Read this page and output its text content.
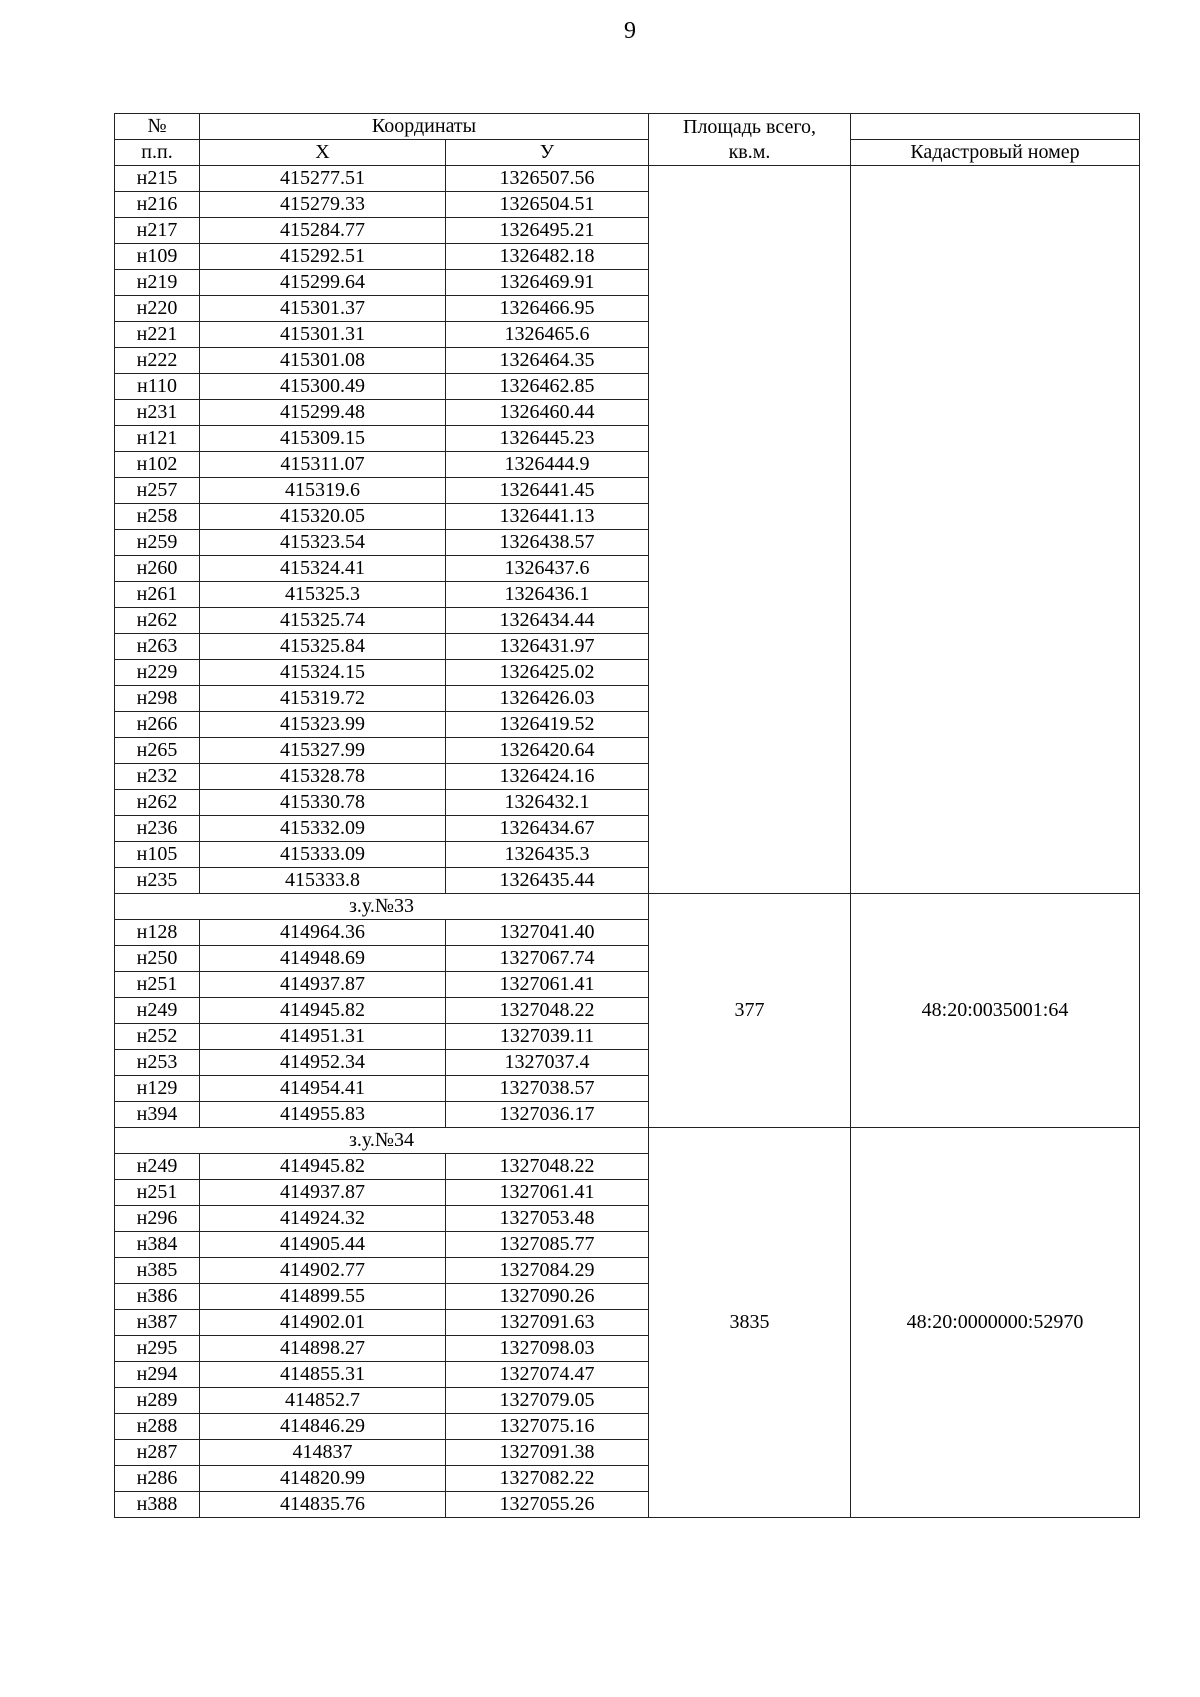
9
№	Координаты		Площадь всего,
кв.м.	

п.п.	Х	У		Кадастровый номер
н215	415277.51	1326507.56		
н216	415279.33	1326504.51		
н217	415284.77	1326495.21		
н109	415292.51	1326482.18		
н219	415299.64	1326469.91		
н220	415301.37	1326466.95		
н221	415301.31	1326465.6		
н222	415301.08	1326464.35		
н110	415300.49	1326462.85		
н231	415299.48	1326460.44		
н121	415309.15	1326445.23		
н102	415311.07	1326444.9		
н257	415319.6	1326441.45		
н258	415320.05	1326441.13		
н259	415323.54	1326438.57		
н260	415324.41	1326437.6		
н261	415325.3	1326436.1		
н262	415325.74	1326434.44		
н263	415325.84	1326431.97		
н229	415324.15	1326425.02		
н298	415319.72	1326426.03		
н266	415323.99	1326419.52		
н265	415327.99	1326420.64		
н232	415328.78	1326424.16		
н262	415330.78	1326432.1		
н236	415332.09	1326434.67		
н105	415333.09	1326435.3		
н235	415333.8	1326435.44		
з.у.№33			377	48:20:0035001:64
н128	414964.36	1327041.40		
н250	414948.69	1327067.74		
н251	414937.87	1327061.41		
н249	414945.82	1327048.22		
н252	414951.31	1327039.11		
н253	414952.34	1327037.4		
н129	414954.41	1327038.57		
н394	414955.83	1327036.17		
з.у.№34			3835	48:20:0000000:52970
н249	414945.82	1327048.22		
н251	414937.87	1327061.41		
н296	414924.32	1327053.48		
н384	414905.44	1327085.77		
н385	414902.77	1327084.29		
н386	414899.55	1327090.26		
н387	414902.01	1327091.63		
н295	414898.27	1327098.03		
н294	414855.31	1327074.47		
н289	414852.7	1327079.05		
н288	414846.29	1327075.16		
н287	414837	1327091.38		
н286	414820.99	1327082.22		
н388	414835.76	1327055.26		
